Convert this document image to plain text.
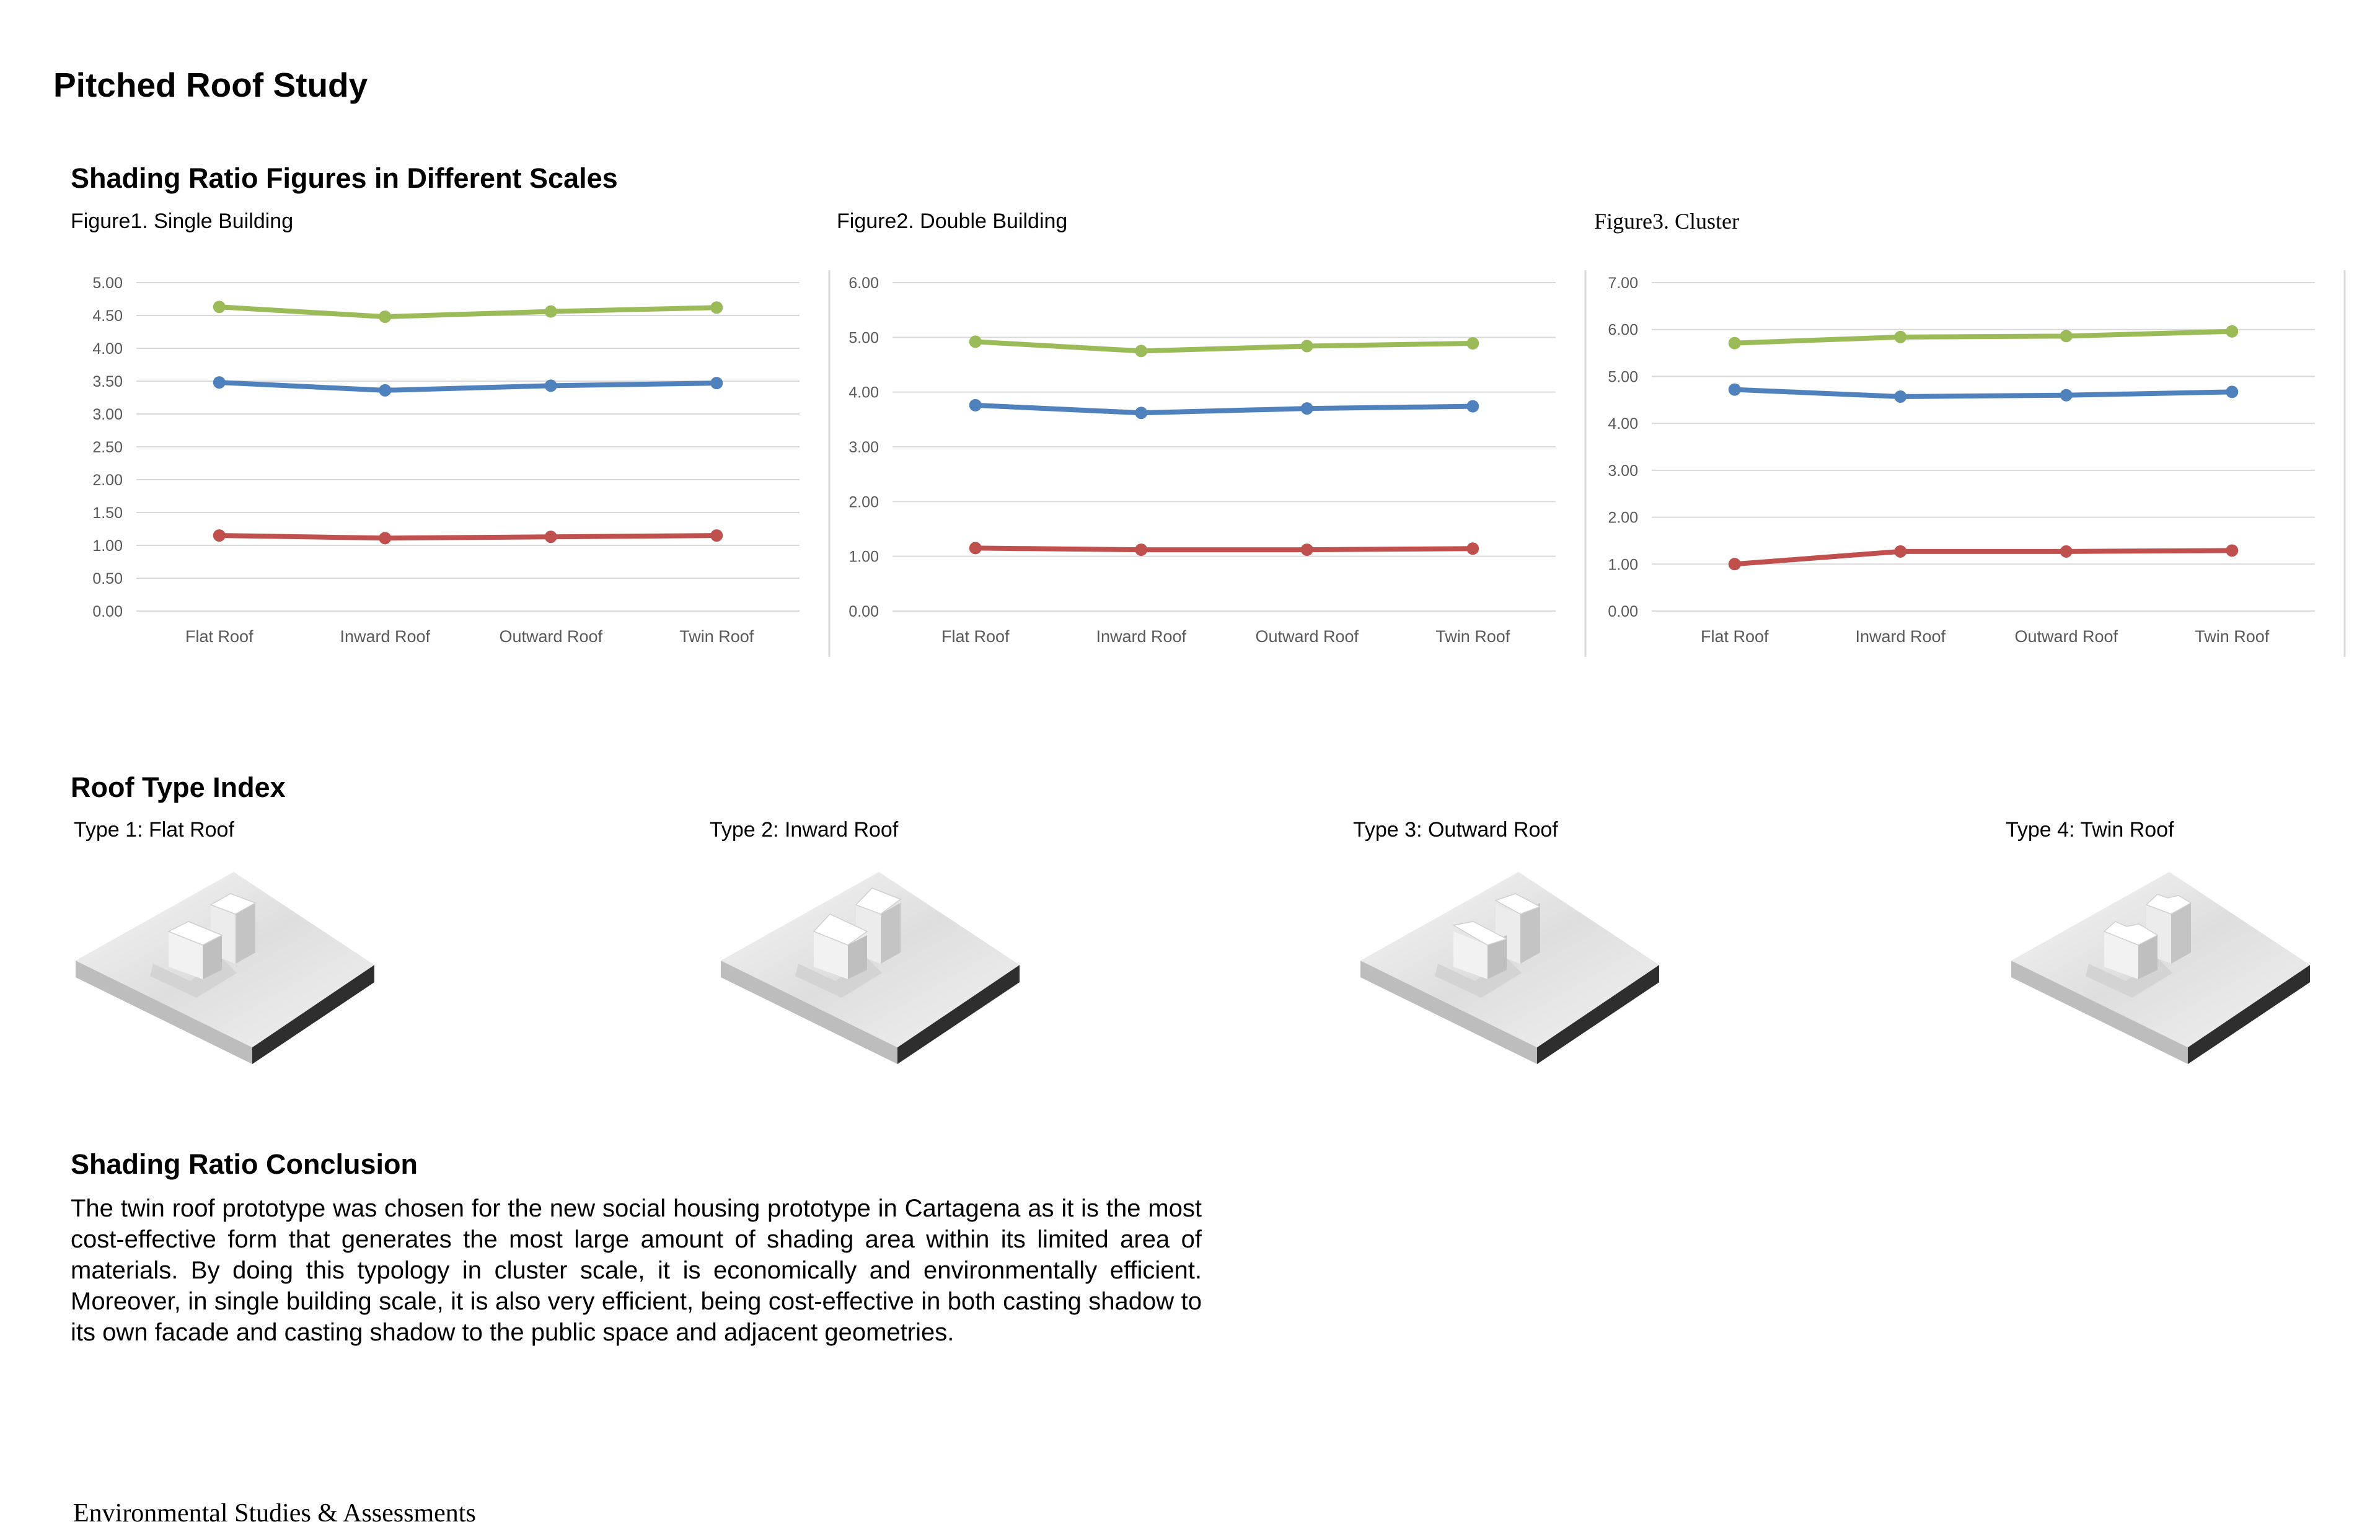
Pitched Roof Study
Shading Ratio Figures in Different Scales
Figure1. Single Building	Figure2. Double Building	Figure3. Cluster
0.00
0.50
1.00
1.50
2.00
2.50
3.00
3.50
4.00
4.50
5.00
Flat Roof	Inward Roof	Outward Roof	Twin Roof
0.00
1.00
2.00
3.00
4.00
5.00
6.00
Flat Roof	Inward Roof	Outward Roof	Twin Roof
0.00
1.00
2.00
3.00
4.00
5.00
6.00
7.00
Flat Roof	Inward Roof	Outward Roof	Twin Roof
Roof Type Index
Type 1: Flat Roof	Type 2: Inward Roof	Type 3: Outward Roof	Type 4: Twin Roof
Shading Ratio Conclusion
The twin roof prototype was chosen for the new social housing prototype in Cartagena as it is the most cost-effective form that generates the most large amount of shading area within its limited area of materials. By doing this typology in cluster scale, it is economically and environmentally efficient. Moreover, in single building scale, it is also very efficient, being cost-effective in both casting shadow to its own facade and casting shadow to the public space and adjacent geometries.
Environmental Studies & Assessments
